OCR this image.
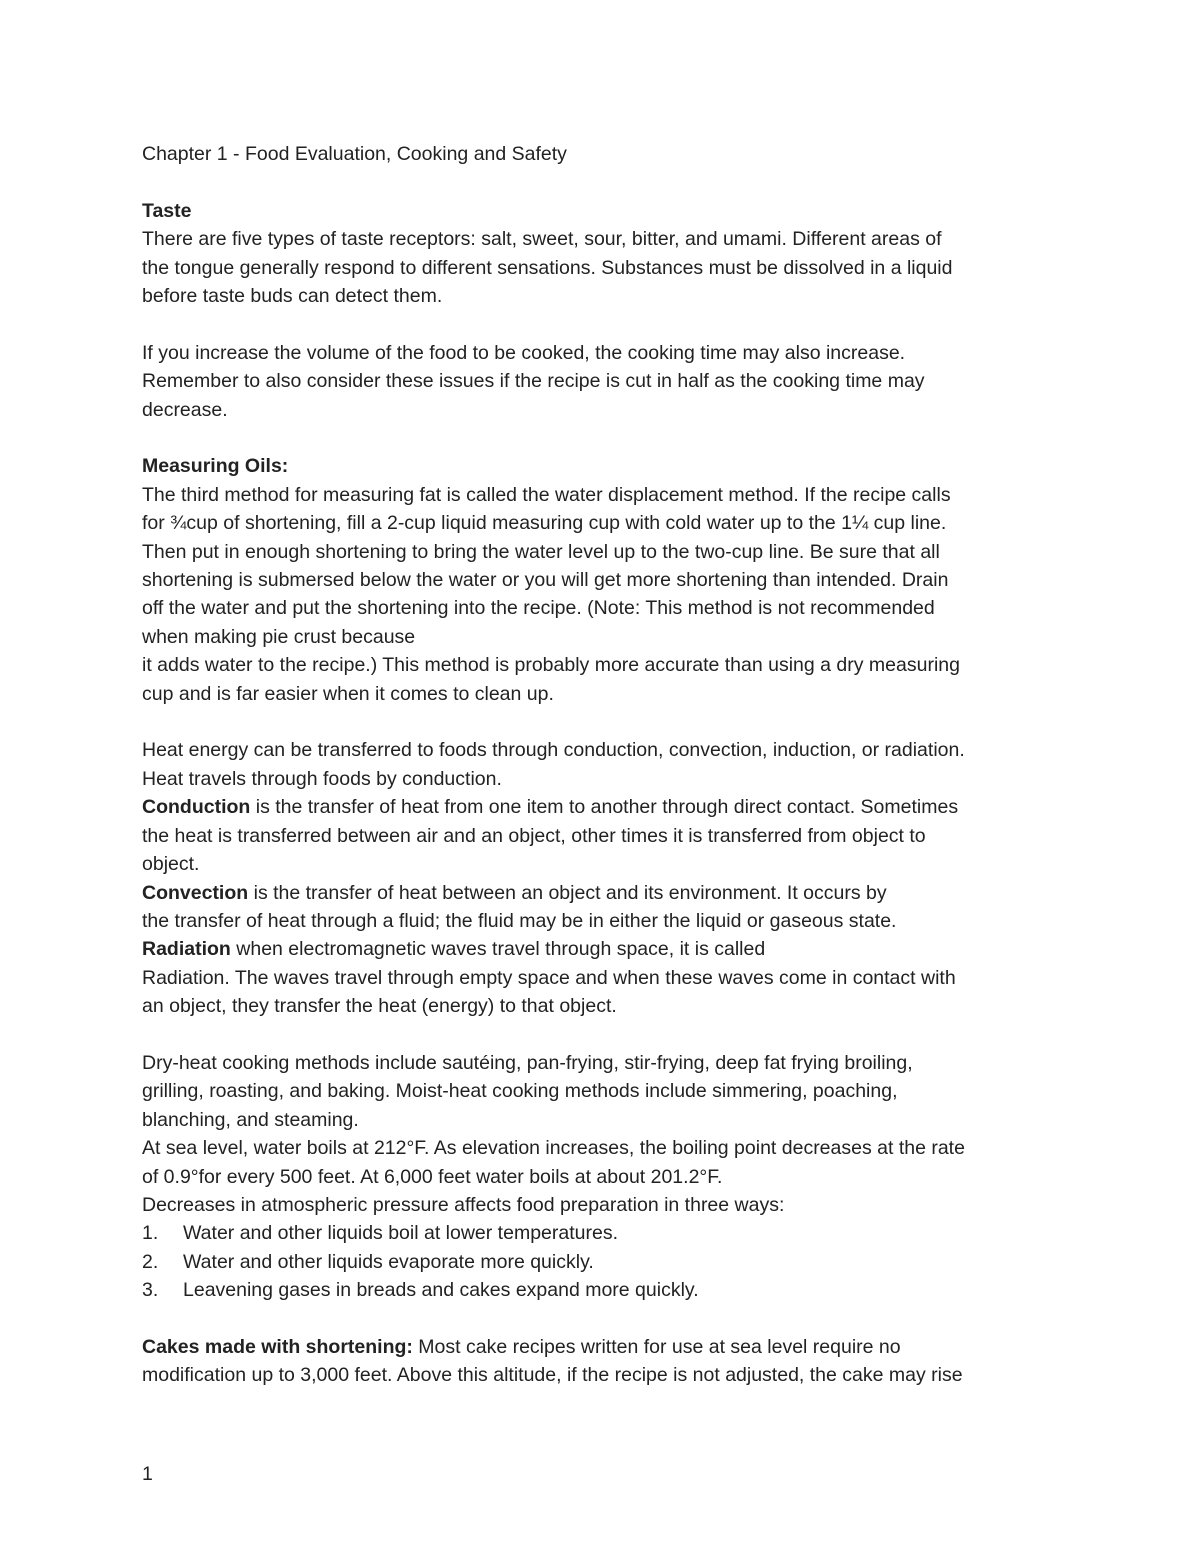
Chapter 1 - Food Evaluation, Cooking and Safety
Taste
There are five types of taste receptors: salt, sweet, sour, bitter, and umami. Different areas of
the tongue generally respond to different sensations. Substances must be dissolved in a liquid
before taste buds can detect them.
If you increase the volume of the food to be cooked, the cooking time may also increase.
Remember to also consider these issues if the recipe is cut in half as the cooking time may
decrease.
Measuring Oils:
The third method for measuring fat is called the water displacement method. If the recipe calls
for ¾cup of shortening, fill a 2-cup liquid measuring cup with cold water up to the 1¼ cup line.
Then put in enough shortening to bring the water level up to the two-cup line. Be sure that all
shortening is submersed below the water or you will get more shortening than intended. Drain
off the water and put the shortening into the recipe. (Note: This method is not recommended
when making pie crust because
it adds water to the recipe.) This method is probably more accurate than using a dry measuring
cup and is far easier when it comes to clean up.
Heat energy can be transferred to foods through conduction, convection, induction, or radiation.
Heat travels through foods by conduction.
Conduction is the transfer of heat from one item to another through direct contact. Sometimes
the heat is transferred between air and an object, other times it is transferred from object to
object.
Convection is the transfer of heat between an object and its environment. It occurs by
the transfer of heat through a fluid; the fluid may be in either the liquid or gaseous state.
Radiation when electromagnetic waves travel through space, it is called
Radiation. The waves travel through empty space and when these waves come in contact with
an object, they transfer the heat (energy) to that object.
Dry-heat cooking methods include sautéing, pan-frying, stir-frying, deep fat frying broiling,
grilling, roasting, and baking. Moist-heat cooking methods include simmering, poaching,
blanching, and steaming.
At sea level, water boils at 212°F. As elevation increases, the boiling point decreases at the rate
of 0.9°for every 500 feet. At 6,000 feet water boils at about 201.2°F.
Decreases in atmospheric pressure affects food preparation in three ways:
1. Water and other liquids boil at lower temperatures.
2. Water and other liquids evaporate more quickly.
3. Leavening gases in breads and cakes expand more quickly.
Cakes made with shortening: Most cake recipes written for use at sea level require no
modification up to 3,000 feet. Above this altitude, if the recipe is not adjusted, the cake may rise
1
